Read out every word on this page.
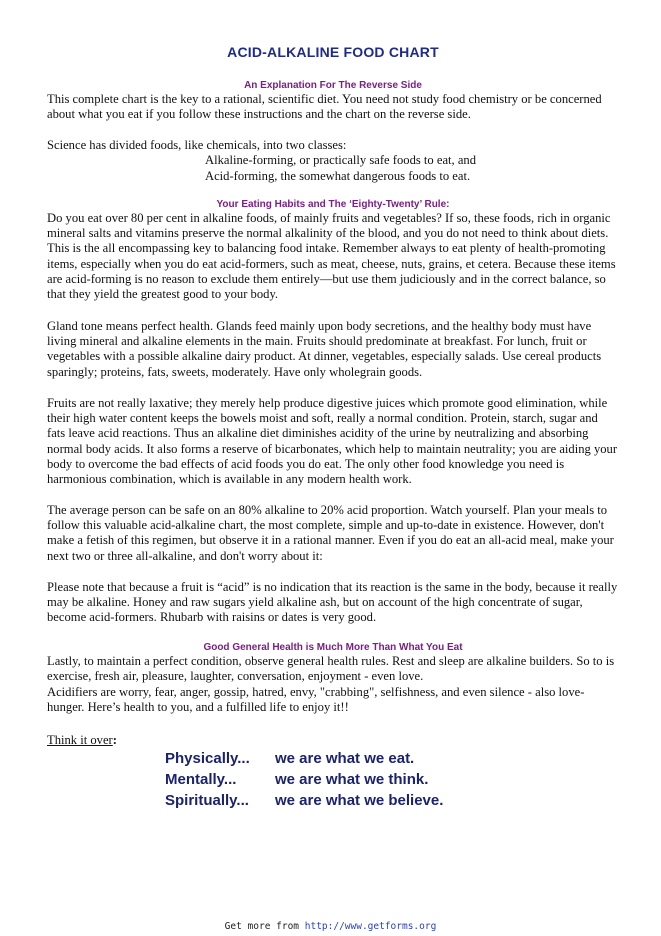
ACID-ALKALINE FOOD CHART
An Explanation For The Reverse Side

This complete chart is the key to a rational, scientific diet. You need not study food chemistry or be concerned about what you eat if you follow these instructions and the chart on the reverse side.

Science has divided foods, like chemicals, into two classes:

Alkaline-forming, or practically safe foods to eat, and
Acid-forming, the somewhat dangerous foods to eat.
Your Eating Habits and The ‘Eighty-Twenty’ Rule:

Do you eat over 80 per cent in alkaline foods, of mainly fruits and vegetables? If so, these foods, rich in organic mineral salts and vitamins preserve the normal alkalinity of the blood, and you do not need to think about diets. This is the all encompassing key to balancing food intake. Remember always to eat plenty of health-promoting items, especially when you do eat acid-formers, such as meat, cheese, nuts, grains, et cetera. Because these items are acid-forming is no reason to exclude them entirely—but use them judiciously and in the correct balance, so that they yield the greatest good to your body.

Gland tone means perfect health. Glands feed mainly upon body secretions, and the healthy body must have living mineral and alkaline elements in the main. Fruits should predominate at breakfast. For lunch, fruit or vegetables with a possible alkaline dairy product. At dinner, vegetables, especially salads. Use cereal products sparingly; proteins, fats, sweets, moderately. Have only wholegrain goods.

Fruits are not really laxative; they merely help produce digestive juices which promote good elimination, while their high water content keeps the bowels moist and soft, really a normal condition. Protein, starch, sugar and fats leave acid reactions. Thus an alkaline diet diminishes acidity of the urine by neutralizing and absorbing normal body acids. It also forms a reserve of bicarbonates, which help to maintain neutrality; you are aiding your body to overcome the bad effects of acid foods you do eat. The only other food knowledge you need is harmonious combination, which is available in any modern health work.

The average person can be safe on an 80% alkaline to 20% acid proportion. Watch yourself. Plan your meals to follow this valuable acid-alkaline chart, the most complete, simple and up-to-date in existence. However, don't make a fetish of this regimen, but observe it in a rational manner. Even if you do eat an all-acid meal, make your next two or three all-alkaline, and don't worry about it:

Please note that because a fruit is “acid” is no indication that its reaction is the same in the body, because it really may be alkaline. Honey and raw sugars yield alkaline ash, but on account of the high concentrate of sugar, become acid-formers. Rhubarb with raisins or dates is very good.

Good General Health is Much More Than What You Eat

Lastly, to maintain a perfect condition, observe general health rules. Rest and sleep are alkaline builders. So to is exercise, fresh air, pleasure, laughter, conversation, enjoyment - even love.

Acidifiers are worry, fear, anger, gossip, hatred, envy, "crabbing", selfishness, and even silence - also love-hunger. Here’s health to you, and a fulfilled life to enjoy it!!

Think it over:
Physically...	we are what we eat.
Mentally...	we are what we think.
Spiritually...	we are what we believe.
Get more from http://www.getforms.org
